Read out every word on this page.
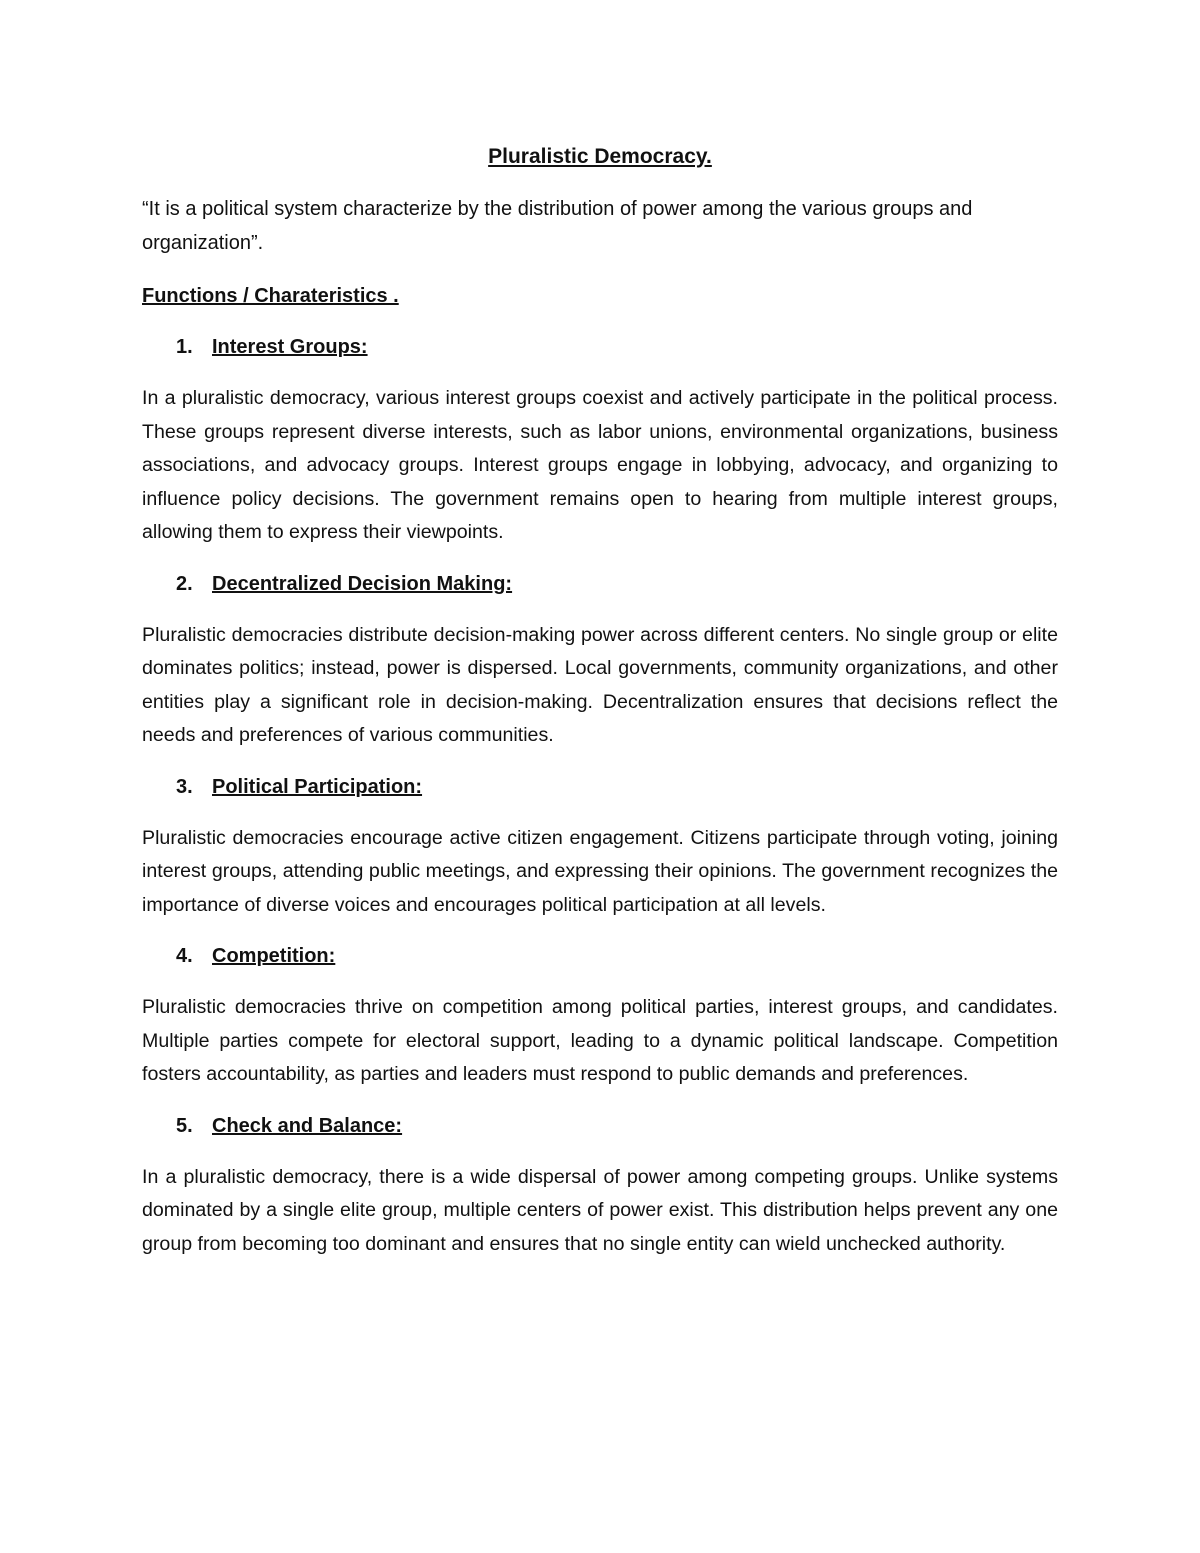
Pluralistic Democracy.
“It is a political system characterize by the distribution of power among the various groups and organization”.
Functions / Charateristics .
1. Interest Groups:
In a pluralistic democracy, various interest groups coexist and actively participate in the political process. These groups represent diverse interests, such as labor unions, environmental organizations, business associations, and advocacy groups. Interest groups engage in lobbying, advocacy, and organizing to influence policy decisions. The government remains open to hearing from multiple interest groups, allowing them to express their viewpoints.
2. Decentralized Decision Making:
Pluralistic democracies distribute decision-making power across different centers. No single group or elite dominates politics; instead, power is dispersed. Local governments, community organizations, and other entities play a significant role in decision-making. Decentralization ensures that decisions reflect the needs and preferences of various communities.
3. Political Participation:
Pluralistic democracies encourage active citizen engagement. Citizens participate through voting, joining interest groups, attending public meetings, and expressing their opinions. The government recognizes the importance of diverse voices and encourages political participation at all levels.
4. Competition:
Pluralistic democracies thrive on competition among political parties, interest groups, and candidates. Multiple parties compete for electoral support, leading to a dynamic political landscape. Competition fosters accountability, as parties and leaders must respond to public demands and preferences.
5. Check and Balance:
In a pluralistic democracy, there is a wide dispersal of power among competing groups. Unlike systems dominated by a single elite group, multiple centers of power exist. This distribution helps prevent any one group from becoming too dominant and ensures that no single entity can wield unchecked authority.
